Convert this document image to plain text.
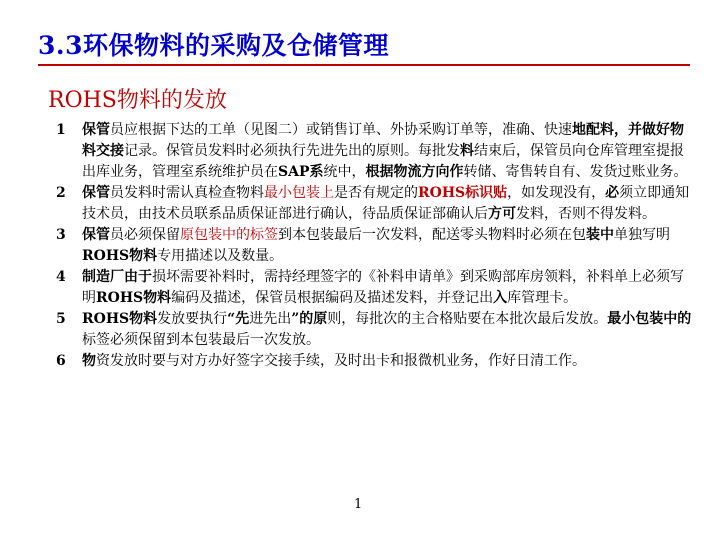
3.3环保物料的采购及仓储管理
ROHS物料的发放
1 保管员应根据下达的工单（见图二）或销售订单、外协采购订单等，准确、快速地配料，并做好物料交接记录。保管员发料时必须执行先进先出的原则。每批发料结束后，保管员向仓库管理室提报出库业务，管理室系统维护员在SAP系统中，根据物流方向作转储、寄售转自有、发货过账业务。
2 保管员发料时需认真检查物料最小包装上是否有规定的ROHS标识贴，如发现没有，必须立即通知技术员，由技术员联系品质保证部进行确认，待品质保证部确认后方可发料，否则不得发料。
3 保管员必须保留原包装中的标签到本包装最后一次发料，配送零头物料时必须在包装中单独写明ROHS物料专用描述以及数量。
4 制造厂由于损坏需要补料时，需持经理签字的《补料申请单》到采购部库房领料，补料单上必须写明ROHS物料编码及描述，保管员根据编码及描述发料，并登记出入库管理卡。
5 ROHS物料发放要执行“先进先出”的原则，每批次的主合格贴要在本批次最后发放。最小包装中的标签必须保留到本包装最后一次发放。
6 物资发放时要与对方办好签字交接手续，及时出卡和报微机业务，作好日清工作。
1
